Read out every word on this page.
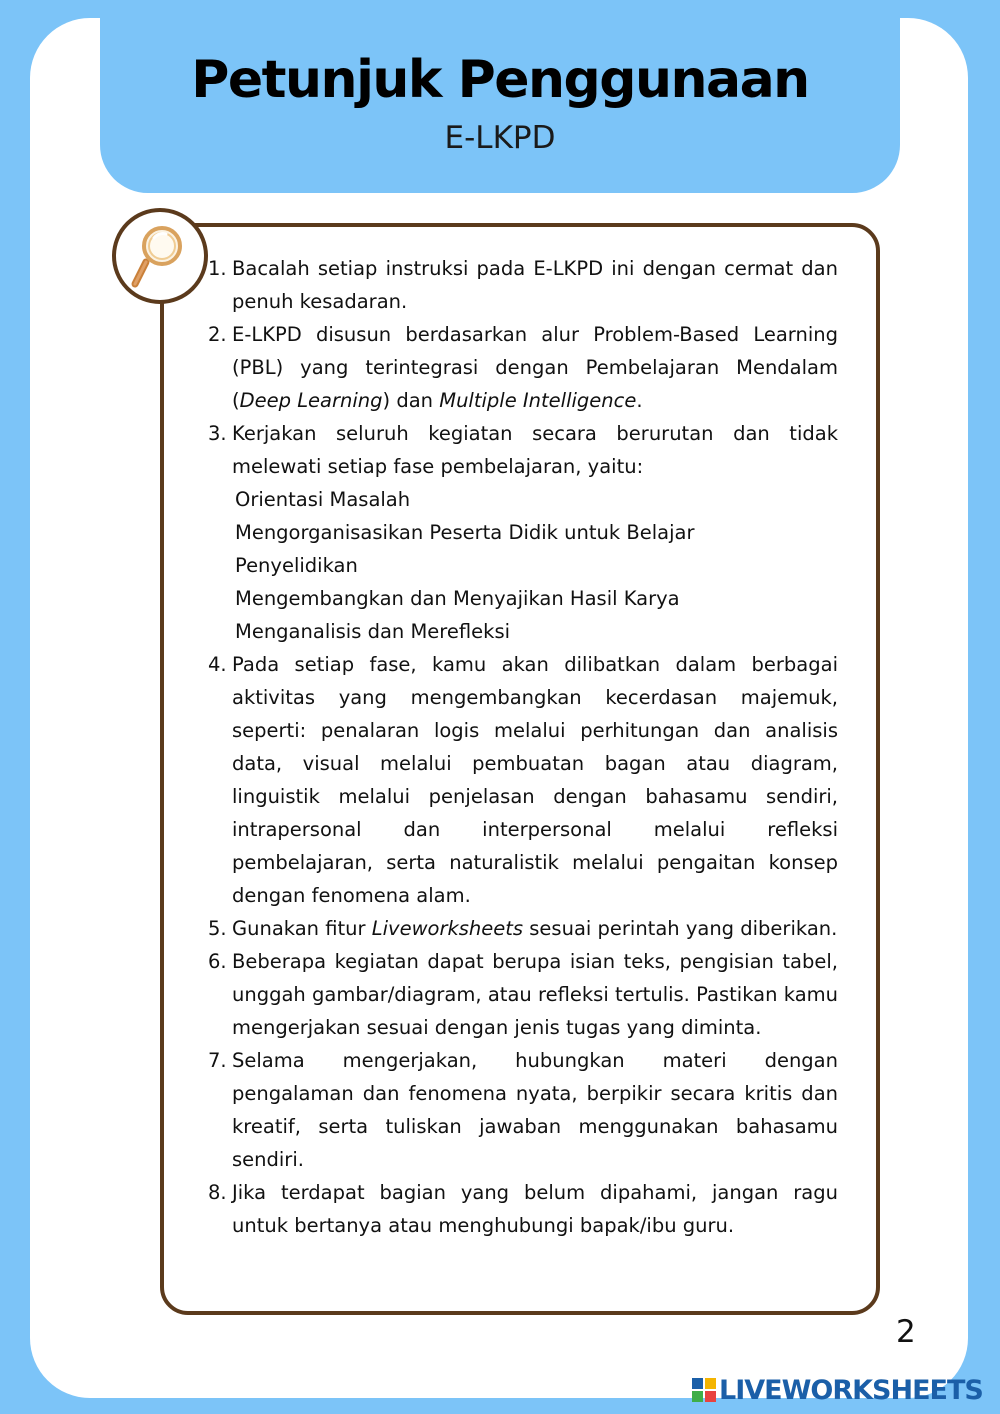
Petunjuk Penggunaan
E-LKPD
1. Bacalah setiap instruksi pada E-LKPD ini dengan cermat dan penuh kesadaran.
2. E-LKPD disusun berdasarkan alur Problem-Based Learning (PBL) yang terintegrasi dengan Pembelajaran Mendalam (Deep Learning) dan Multiple Intelligence.
3. Kerjakan seluruh kegiatan secara berurutan dan tidak melewati setiap fase pembelajaran, yaitu:
Orientasi Masalah
Mengorganisasikan Peserta Didik untuk Belajar
Penyelidikan
Mengembangkan dan Menyajikan Hasil Karya
Menganalisis dan Merefleksi
4. Pada setiap fase, kamu akan dilibatkan dalam berbagai aktivitas yang mengembangkan kecerdasan majemuk, seperti: penalaran logis melalui perhitungan dan analisis data, visual melalui pembuatan bagan atau diagram, linguistik melalui penjelasan dengan bahasamu sendiri, intrapersonal dan interpersonal melalui refleksi pembelajaran, serta naturalistik melalui pengaitan konsep dengan fenomena alam.
5. Gunakan fitur Liveworksheets sesuai perintah yang diberikan.
6. Beberapa kegiatan dapat berupa isian teks, pengisian tabel, unggah gambar/diagram, atau refleksi tertulis. Pastikan kamu mengerjakan sesuai dengan jenis tugas yang diminta.
7. Selama mengerjakan, hubungkan materi dengan pengalaman dan fenomena nyata, berpikir secara kritis dan kreatif, serta tuliskan jawaban menggunakan bahasamu sendiri.
8. Jika terdapat bagian yang belum dipahami, jangan ragu untuk bertanya atau menghubungi bapak/ibu guru.
2
LIVEWORKSHEETS
